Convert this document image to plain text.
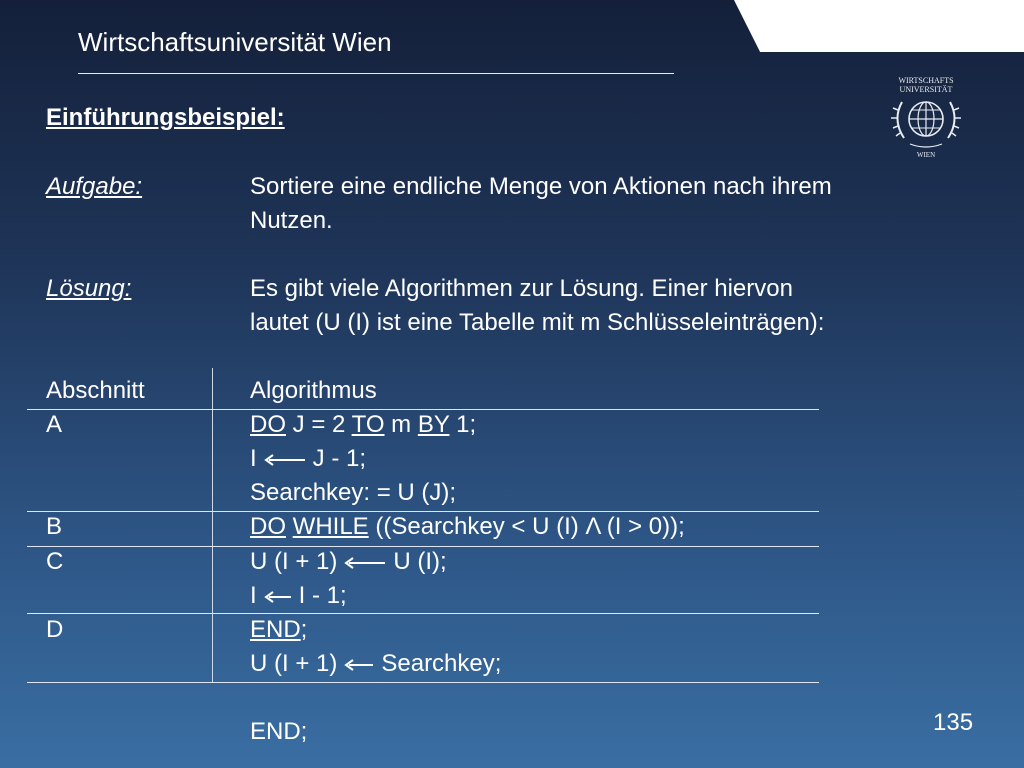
Wirtschaftsuniversität Wien
WIRTSCHAFTS
UNIVERSITÄT
WIEN
Einführungsbeispiel:
Aufgabe:	Sortiere eine endliche Menge von Aktionen nach ihrem
Nutzen.
Lösung:	Es gibt viele Algorithmen zur Lösung. Einer hiervon
lautet (U (I) ist eine Tabelle mit m Schlüsseleinträgen):
Abschnitt	Algorithmus
A	DO J = 2 TO m BY 1;
I J - 1;
Searchkey: = U (J);
B	DO WHILE ((Searchkey < U (I) Λ (I > 0));
C	U (I + 1) U (I);
I I - 1;
D	END;
U (I + 1) Searchkey;
END;	135
